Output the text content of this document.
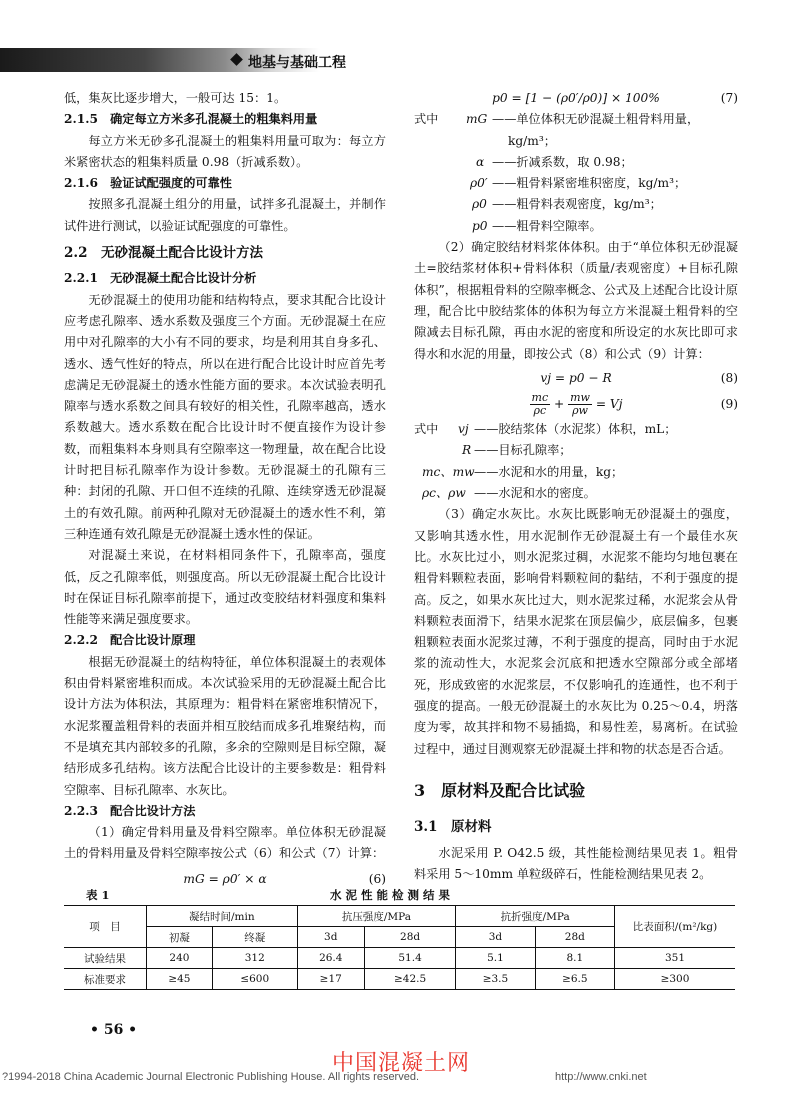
地基与基础工程

低，集灰比逐步增大，一般可达 15：1。

2.1.5　确定每立方米多孔混凝土的粗集料用量

每立方米无砂多孔混凝土的粗集料用量可取为：每立方米紧密状态的粗集料质量 0.98（折减系数）。

2.1.6　验证试配强度的可靠性

按照多孔混凝土组分的用量，试拌多孔混凝土，并制作试件进行测试，以验证试配强度的可靠性。

2.2　无砂混凝土配合比设计方法

2.2.1　无砂混凝土配合比设计分析

无砂混凝土的使用功能和结构特点，要求其配合比设计应考虑孔隙率、透水系数及强度三个方面。无砂混凝土在应用中对孔隙率的大小有不同的要求，均是利用其自身多孔、透水、透气性好的特点，所以在进行配合比设计时应首先考虑满足无砂混凝土的透水性能方面的要求。本次试验表明孔隙率与透水系数之间具有较好的相关性，孔隙率越高，透水系数越大。透水系数在配合比设计时不便直接作为设计参数，而粗集料本身则具有空隙率这一物理量，故在配合比设计时把目标孔隙率作为设计参数。无砂混凝土的孔隙有三种：封闭的孔隙、开口但不连续的孔隙、连续穿透无砂混凝土的有效孔隙。前两种孔隙对无砂混凝土的透水性不利，第三种连通有效孔隙是无砂混凝土透水性的保证。

对混凝土来说，在材料相同条件下，孔隙率高，强度低，反之孔隙率低，则强度高。所以无砂混凝土配合比设计时在保证目标孔隙率前提下，通过改变胶结材料强度和集料性能等来满足强度要求。

2.2.2　配合比设计原理

根据无砂混凝土的结构特征，单位体积混凝土的表观体积由骨料紧密堆积而成。本次试验采用的无砂混凝土配合比设计方法为体积法，其原理为：粗骨料在紧密堆积情况下，水泥浆覆盖粗骨料的表面并相互胶结而成多孔堆聚结构，而不是填充其内部较多的孔隙，多余的空隙则是目标空隙，凝结形成多孔结构。该方法配合比设计的主要参数是：粗骨料空隙率、目标孔隙率、水灰比。

2.2.3　配合比设计方法

（1）确定骨料用量及骨料空隙率。单位体积无砂混凝土的骨料用量及骨料空隙率按公式（6）和公式（7）计算：

mG = ρ0′ × α	(6)
p0 = [1 − (ρ0′/ρ0)] × 100%	(7)
式中 mG ——单位体积无砂混凝土粗骨料用量，
kg/m³；
α ——折减系数，取 0.98；
ρ0′ ——粗骨料紧密堆积密度，kg/m³；
ρ0 ——粗骨料表观密度，kg/m³；
p0 ——粗骨料空隙率。

（2）确定胶结材料浆体体积。由于“单位体积无砂混凝土=胶结浆材体积+骨料体积（质量/表观密度）+目标孔隙体积”，根据粗骨料的空隙率概念、公式及上述配合比设计原理，配合比中胶结浆体的体积为每立方米混凝土粗骨料的空隙减去目标孔隙，再由水泥的密度和所设定的水灰比即可求得水和水泥的用量，即按公式（8）和公式（9）计算：

vj = p0 − R	(8)
$\frac{mc}{\rho c} + \frac{mw}{\rho w} = Vj$	(9)
式中 vj ——胶结浆体（水泥浆）体积，mL；
R ——目标孔隙率；
mc、mw ——水泥和水的用量，kg；
ρc、ρw ——水泥和水的密度。

（3）确定水灰比。水灰比既影响无砂混凝土的强度，又影响其透水性，用水泥制作无砂混凝土有一个最佳水灰比。水灰比过小，则水泥浆过稠，水泥浆不能均匀地包裹在粗骨料颗粒表面，影响骨料颗粒间的黏结，不利于强度的提高。反之，如果水灰比过大，则水泥浆过稀，水泥浆会从骨料颗粒表面滑下，结果水泥浆在顶层偏少，底层偏多，包裹粗颗粒表面水泥浆过薄，不利于强度的提高，同时由于水泥浆的流动性大，水泥浆会沉底和把透水空隙部分或全部堵死，形成致密的水泥浆层，不仅影响孔的连通性，也不利于强度的提高。一般无砂混凝土的水灰比为 0.25～0.4，坍落度为零，故其拌和物不易插捣，和易性差，易离析。在试验过程中，通过目测观察无砂混凝土拌和物的状态是否合适。

3　原材料及配合比试验

3.1　原材料

水泥采用 P. O42.5 级，其性能检测结果见表 1。粗骨料采用 5～10mm 单粒级碎石，性能检测结果见表 2。

表 1	水 泥 性 能 检 测 结 果
项　目	凝结时间/min		抗压强度/MPa		抗折强度/MPa		比表面积/(m²/kg)
	初凝	终凝	3d	28d	3d	28d	
试验结果	240	312	26.4	51.4	5.1	8.1	351
标准要求	≥45	≤600	≥17	≥42.5	≥3.5	≥6.5	≥300
• 56 •
中国混凝土网
?1994-2018 China Academic Journal Electronic Publishing House. All rights reserved.	http://www.cnki.net
